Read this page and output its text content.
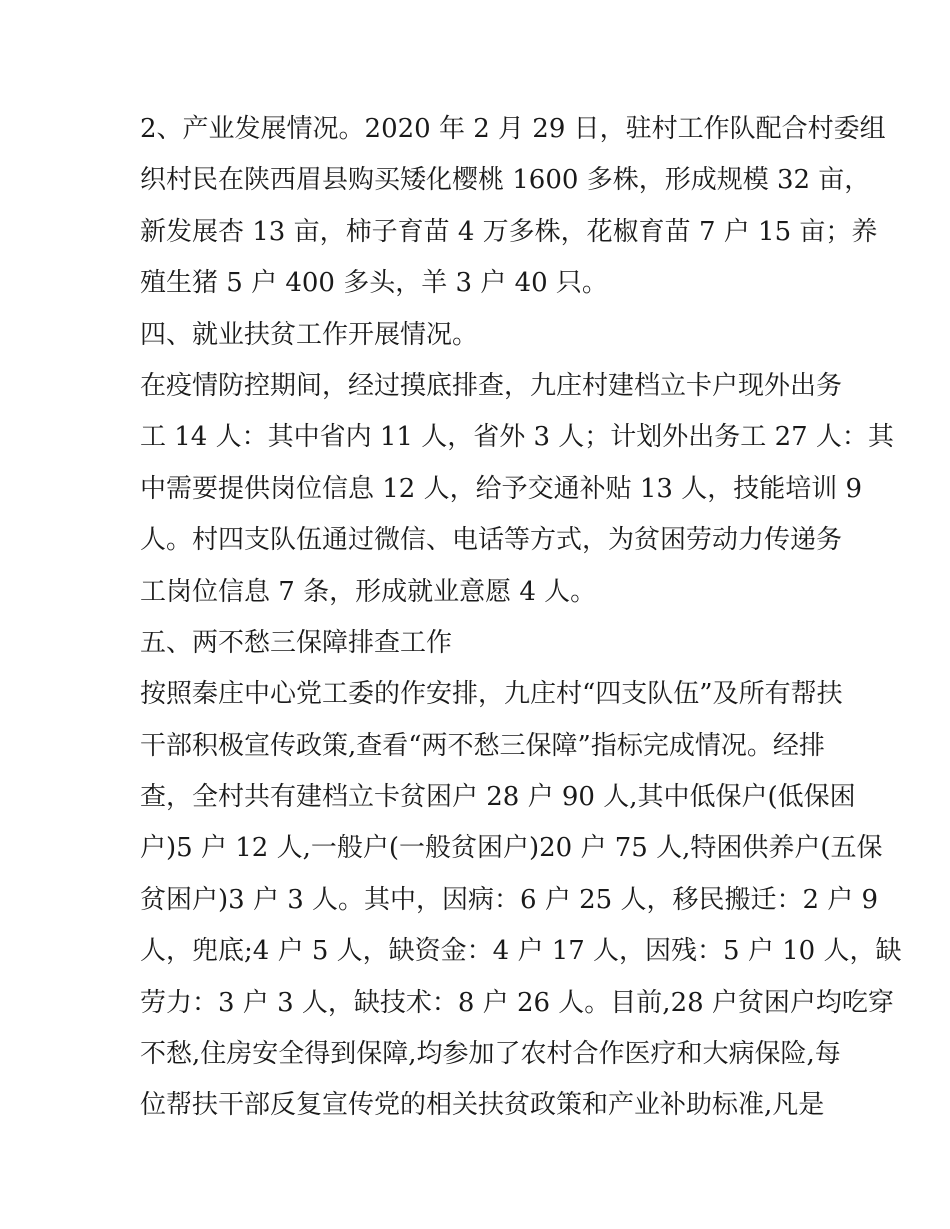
2、产业发展情况。2020 年 2 月 29 日，驻村工作队配合村委组
织村民在陕西眉县购买矮化樱桃 1600 多株，形成规模 32 亩，
新发展杏 13 亩，柿子育苗 4 万多株，花椒育苗 7 户 15 亩；养
殖生猪 5 户 400 多头，羊 3 户 40 只。
四、就业扶贫工作开展情况。
在疫情防控期间，经过摸底排查，九庄村建档立卡户现外出务
工 14 人：其中省内 11 人，省外 3 人；计划外出务工 27 人：其
中需要提供岗位信息 12 人，给予交通补贴 13 人，技能培训 9
人。村四支队伍通过微信、电话等方式，为贫困劳动力传递务
工岗位信息 7 条，形成就业意愿 4 人。
五、两不愁三保障排查工作
按照秦庄中心党工委的作安排，九庄村“四支队伍”及所有帮扶
干部积极宣传政策,查看“两不愁三保障”指标完成情况。经排
查，全村共有建档立卡贫困户 28 户 90 人,其中低保户(低保困
户)5 户 12 人,一般户(一般贫困户)20 户 75 人,特困供养户(五保
贫困户)3 户 3 人。其中，因病：6 户 25 人，移民搬迁：2 户 9
人，兜底;4 户 5 人，缺资金：4 户 17 人，因残：5 户 10 人，缺
劳力：3 户 3 人，缺技术：8 户 26 人。目前,28 户贫困户均吃穿
不愁,住房安全得到保障,均参加了农村合作医疗和大病保险,每
位帮扶干部反复宣传党的相关扶贫政策和产业补助标准,凡是
